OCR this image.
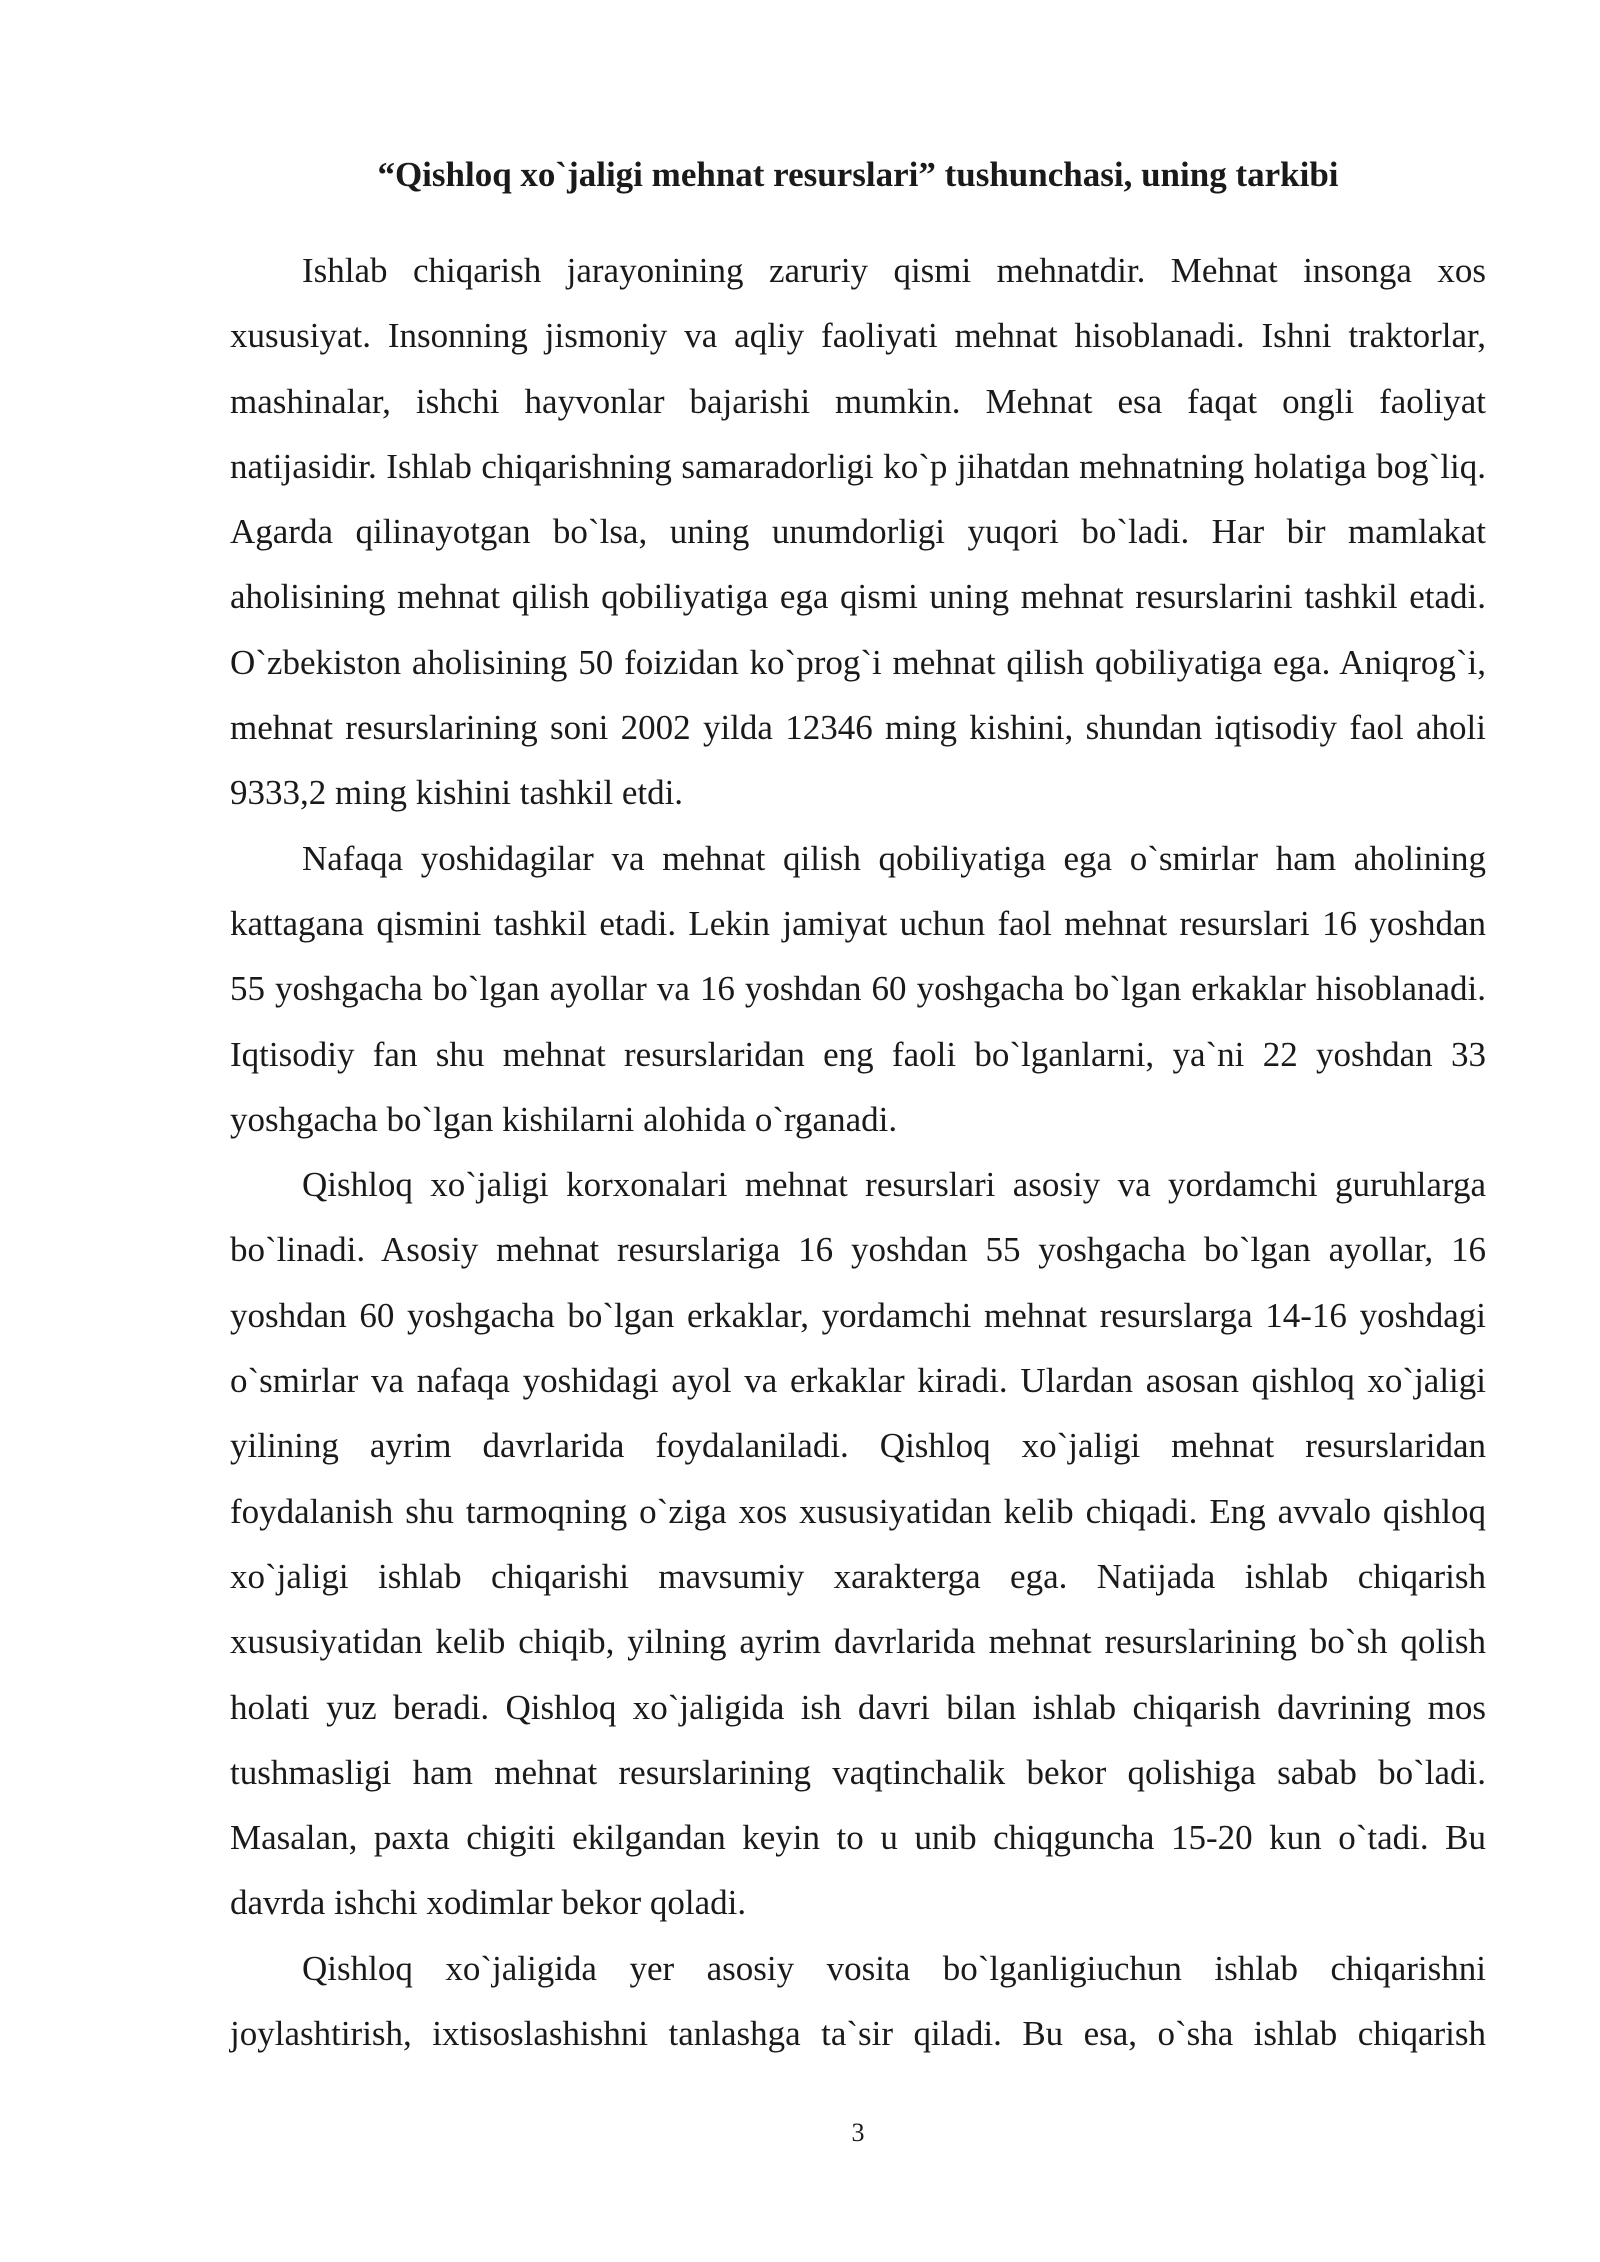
“Qishloq xo`jaligi mehnat resurslari” tushunchasi, uning tarkibi

Ishlab chiqarish jarayonining zaruriy qismi mehnatdir. Mehnat insonga xos xususiyat. Insonning jismoniy va aqliy faoliyati mehnat hisoblanadi. Ishni traktorlar, mashinalar, ishchi hayvonlar bajarishi mumkin. Mehnat esa faqat ongli faoliyat natijasidir. Ishlab chiqarishning samaradorligi ko`p jihatdan mehnatning holatiga bog`liq. Agarda qilinayotgan bo`lsa, uning unumdorligi yuqori bo`ladi. Har bir mamlakat aholisining mehnat qilish qobiliyatiga ega qismi uning mehnat resurslarini tashkil etadi. O`zbekiston aholisining 50 foizidan ko`prog`i mehnat qilish qobiliyatiga ega. Aniqrog`i, mehnat resurslarining soni 2002 yilda 12346 ming kishini, shundan iqtisodiy faol aholi 9333,2 ming kishini tashkil etdi.

Nafaqa yoshidagilar va mehnat qilish qobiliyatiga ega o`smirlar ham aholining kattagana qismini tashkil etadi. Lekin jamiyat uchun faol mehnat resurslari 16 yoshdan 55 yoshgacha bo`lgan ayollar va 16 yoshdan 60 yoshgacha bo`lgan erkaklar hisoblanadi. Iqtisodiy fan shu mehnat resurslaridan eng faoli bo`lganlarni, ya`ni 22 yoshdan 33 yoshgacha bo`lgan kishilarni alohida o`rganadi.

Qishloq xo`jaligi korxonalari mehnat resurslari asosiy va yordamchi guruhlarga bo`linadi. Asosiy mehnat resurslariga 16 yoshdan 55 yoshgacha bo`lgan ayollar, 16 yoshdan 60 yoshgacha bo`lgan erkaklar, yordamchi mehnat resurslarga 14-16 yoshdagi o`smirlar va nafaqa yoshidagi ayol va erkaklar kiradi. Ulardan asosan qishloq xo`jaligi yilining ayrim davrlarida foydalaniladi. Qishloq xo`jaligi mehnat resurslaridan foydalanish shu tarmoqning o`ziga xos xususiyatidan kelib chiqadi. Eng avvalo qishloq xo`jaligi ishlab chiqarishi mavsumiy xarakterga ega. Natijada ishlab chiqarish xususiyatidan kelib chiqib, yilning ayrim davrlarida mehnat resurslarining bo`sh qolish holati yuz beradi. Qishloq xo`jaligida ish davri bilan ishlab chiqarish davrining mos tushmasligi ham mehnat resurslarining vaqtinchalik bekor qolishiga sabab bo`ladi. Masalan, paxta chigiti ekilgandan keyin to u unib chiqguncha 15-20 kun o`tadi. Bu davrda ishchi xodimlar bekor qoladi.

Qishloq xo`jaligida yer asosiy vosita bo`lganligiuchun ishlab chiqarishni joylashtirish, ixtisoslashishni tanlashga ta`sir qiladi. Bu esa, o`sha ishlab chiqarish

3
